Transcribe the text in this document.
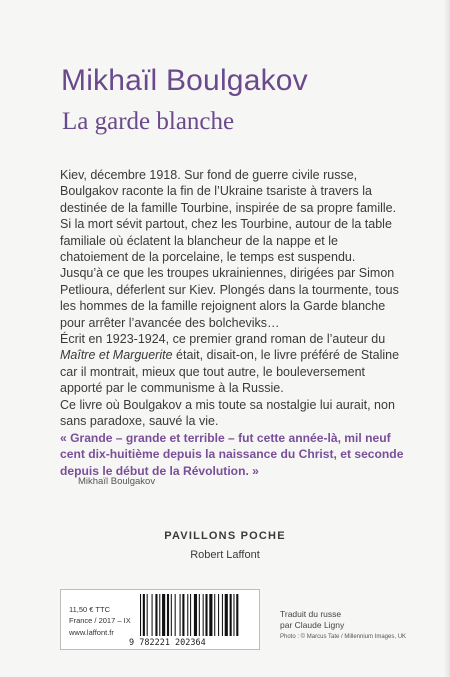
Mikhaïl Boulgakov
La garde blanche

Kiev, décembre 1918. Sur fond de guerre civile russe, Boulgakov raconte la fin de l’Ukraine tsariste à travers la destinée de la famille Tourbine, inspirée de sa propre famille. Si la mort sévit partout, chez les Tourbine, autour de la table familiale où éclatent la blancheur de la nappe et le chatoiement de la porcelaine, le temps est suspendu. Jusqu’à ce que les troupes ukrainiennes, dirigées par Simon Petlioura, déferlent sur Kiev. Plongés dans la tourmente, tous les hommes de la famille rejoignent alors la Garde blanche pour arrêter l’avancée des bolcheviks…

Écrit en 1923-1924, ce premier grand roman de l’auteur du Maître et Marguerite était, disait-on, le livre préféré de Staline car il montrait, mieux que tout autre, le bouleversement apporté par le communisme à la Russie.

Ce livre où Boulgakov a mis toute sa nostalgie lui aurait, non sans paradoxe, sauvé la vie.

« Grande – grande et terrible – fut cette année-là, mil neuf cent dix-huitième depuis la naissance du Christ, et seconde depuis le début de la Révolution. »
Mikhaïl Boulgakov
PAVILLONS POCHE
Robert Laffont
11,50 € TTC
France / 2017 – IX
www.laffont.fr
9 782221 202364
Traduit du russe
par Claude Ligny
Photo : © Marcus Tate / Millennium Images, UK
